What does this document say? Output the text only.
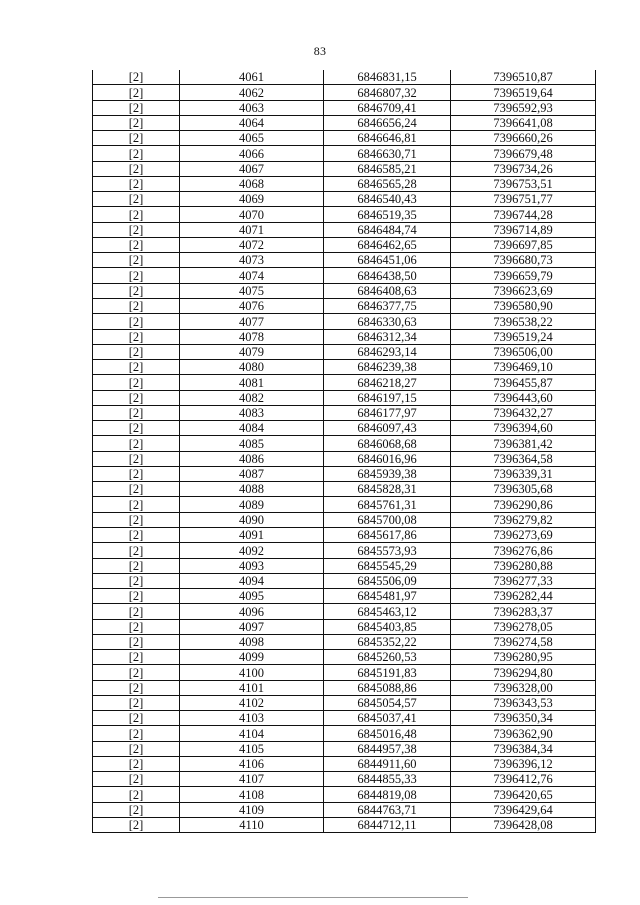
83
[2]	4061	6846831,15	7396510,87
[2]	4062	6846807,32	7396519,64
[2]	4063	6846709,41	7396592,93
[2]	4064	6846656,24	7396641,08
[2]	4065	6846646,81	7396660,26
[2]	4066	6846630,71	7396679,48
[2]	4067	6846585,21	7396734,26
[2]	4068	6846565,28	7396753,51
[2]	4069	6846540,43	7396751,77
[2]	4070	6846519,35	7396744,28
[2]	4071	6846484,74	7396714,89
[2]	4072	6846462,65	7396697,85
[2]	4073	6846451,06	7396680,73
[2]	4074	6846438,50	7396659,79
[2]	4075	6846408,63	7396623,69
[2]	4076	6846377,75	7396580,90
[2]	4077	6846330,63	7396538,22
[2]	4078	6846312,34	7396519,24
[2]	4079	6846293,14	7396506,00
[2]	4080	6846239,38	7396469,10
[2]	4081	6846218,27	7396455,87
[2]	4082	6846197,15	7396443,60
[2]	4083	6846177,97	7396432,27
[2]	4084	6846097,43	7396394,60
[2]	4085	6846068,68	7396381,42
[2]	4086	6846016,96	7396364,58
[2]	4087	6845939,38	7396339,31
[2]	4088	6845828,31	7396305,68
[2]	4089	6845761,31	7396290,86
[2]	4090	6845700,08	7396279,82
[2]	4091	6845617,86	7396273,69
[2]	4092	6845573,93	7396276,86
[2]	4093	6845545,29	7396280,88
[2]	4094	6845506,09	7396277,33
[2]	4095	6845481,97	7396282,44
[2]	4096	6845463,12	7396283,37
[2]	4097	6845403,85	7396278,05
[2]	4098	6845352,22	7396274,58
[2]	4099	6845260,53	7396280,95
[2]	4100	6845191,83	7396294,80
[2]	4101	6845088,86	7396328,00
[2]	4102	6845054,57	7396343,53
[2]	4103	6845037,41	7396350,34
[2]	4104	6845016,48	7396362,90
[2]	4105	6844957,38	7396384,34
[2]	4106	6844911,60	7396396,12
[2]	4107	6844855,33	7396412,76
[2]	4108	6844819,08	7396420,65
[2]	4109	6844763,71	7396429,64
[2]	4110	6844712,11	7396428,08
